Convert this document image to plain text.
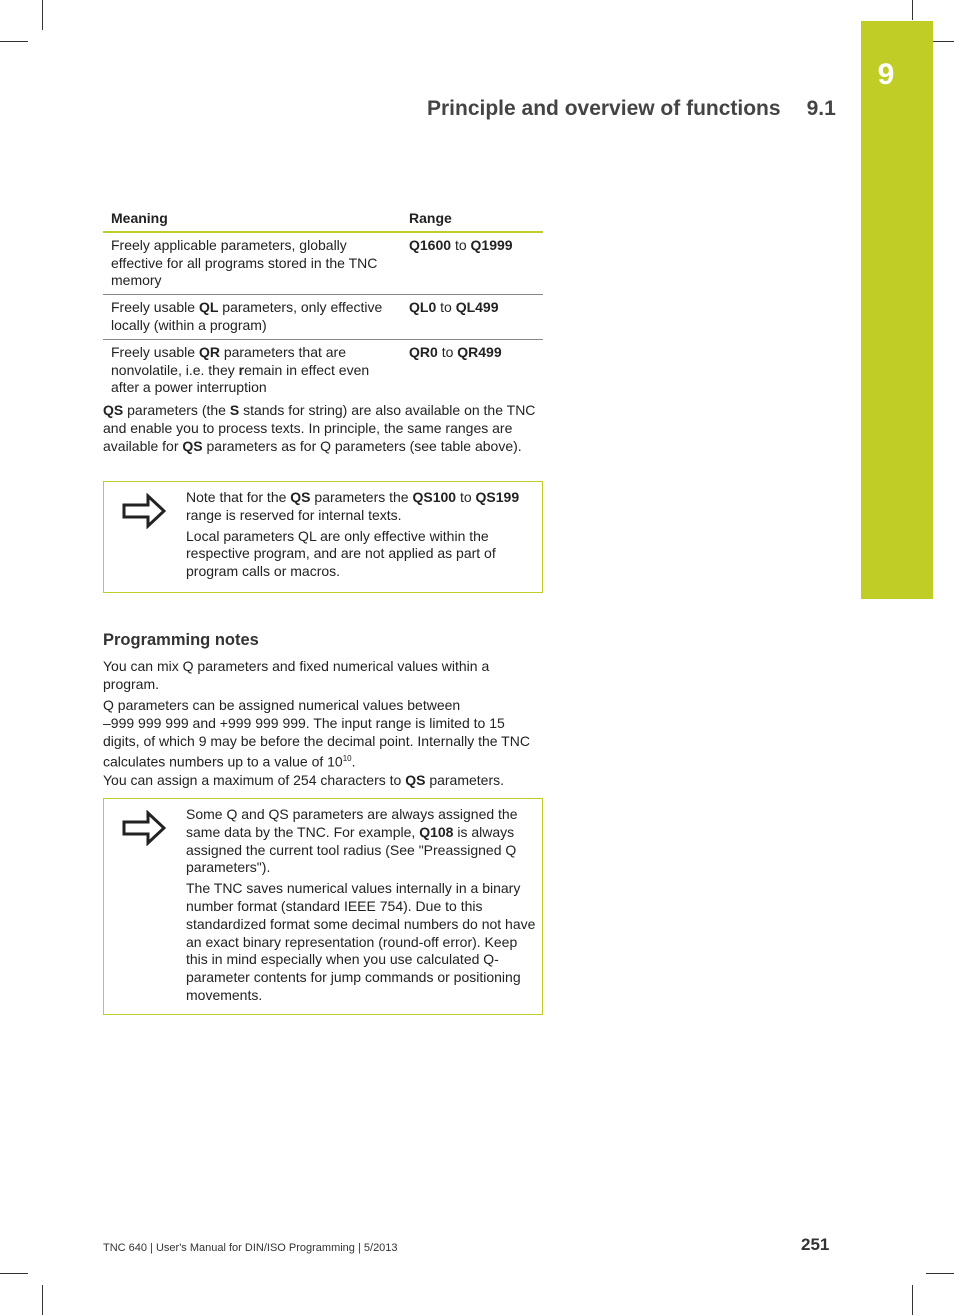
9
Principle and overview of functions 9.1
Meaning	Range
Freely applicable parameters, globally effective for all programs stored in the TNC memory	Q1600 to Q1999
Freely usable QL parameters, only effective locally (within a program)	QL0 to QL499
Freely usable QR parameters that are nonvolatile, i.e. they remain in effect even after a power interruption	QR0 to QR499

QS parameters (the S stands for string) are also available on the TNC and enable you to process texts. In principle, the same ranges are available for QS parameters as for Q parameters (see table above).

Note that for the QS parameters the QS100 to QS199 range is reserved for internal texts.

Local parameters QL are only effective within the respective program, and are not applied as part of program calls or macros.

Programming notes

You can mix Q parameters and fixed numerical values within a program.

Q parameters can be assigned numerical values between
–999 999 999 and +999 999 999. The input range is limited to 15 digits, of which 9 may be before the decimal point. Internally the TNC calculates numbers up to a value of $10^{10}$.

You can assign a maximum of 254 characters to QS parameters.

Some Q and QS parameters are always assigned the same data by the TNC. For example, Q108 is always assigned the current tool radius (See "Preassigned Q parameters").

The TNC saves numerical values internally in a binary number format (standard IEEE 754). Due to this standardized format some decimal numbers do not have an exact binary representation (round-off error). Keep this in mind especially when you use calculated Q-parameter contents for jump commands or positioning movements.

TNC 640 | User's Manual for DIN/ISO Programming | 5/2013	251
